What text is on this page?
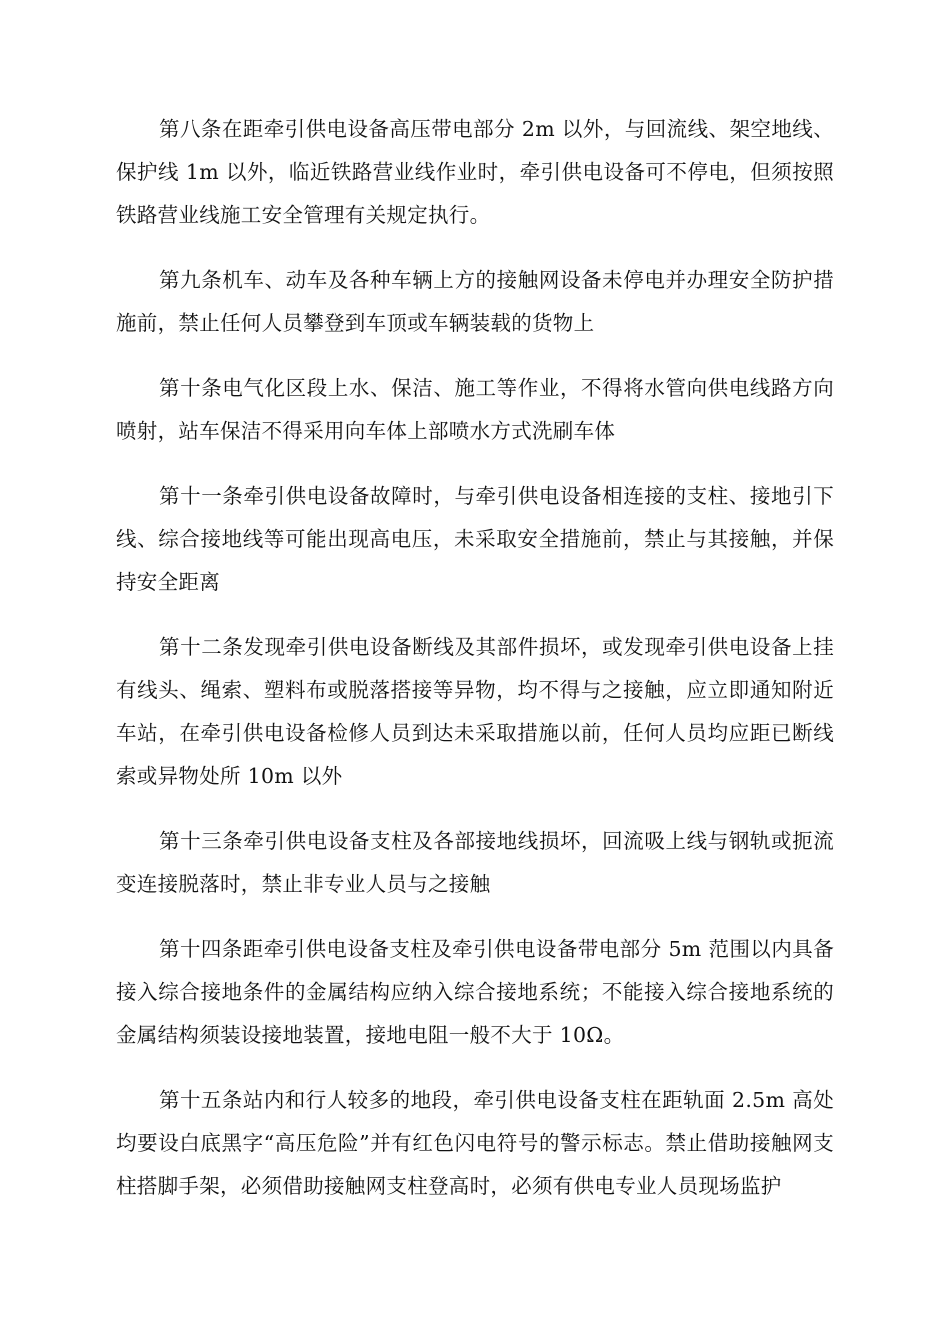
第八条在距牵引供电设备高压带电部分 2m 以外，与回流线、架空地线、保护线 1m 以外，临近铁路营业线作业时，牵引供电设备可不停电，但须按照铁路营业线施工安全管理有关规定执行。

第九条机车、动车及各种车辆上方的接触网设备未停电并办理安全防护措施前，禁止任何人员攀登到车顶或车辆装载的货物上

第十条电气化区段上水、保洁、施工等作业，不得将水管向供电线路方向喷射，站车保洁不得采用向车体上部喷水方式洗刷车体

第十一条牵引供电设备故障时，与牵引供电设备相连接的支柱、接地引下线、综合接地线等可能出现高电压，未采取安全措施前，禁止与其接触，并保持安全距离

第十二条发现牵引供电设备断线及其部件损坏，或发现牵引供电设备上挂有线头、绳索、塑料布或脱落搭接等异物，均不得与之接触，应立即通知附近车站，在牵引供电设备检修人员到达未采取措施以前，任何人员均应距已断线索或异物处所 10m 以外

第十三条牵引供电设备支柱及各部接地线损坏，回流吸上线与钢轨或扼流变连接脱落时，禁止非专业人员与之接触

第十四条距牵引供电设备支柱及牵引供电设备带电部分 5m 范围以内具备接入综合接地条件的金属结构应纳入综合接地系统；不能接入综合接地系统的金属结构须装设接地装置，接地电阻一般不大于 10Ω。

第十五条站内和行人较多的地段，牵引供电设备支柱在距轨面 2.5m 高处均要设白底黑字“高压危险”并有红色闪电符号的警示标志。禁止借助接触网支柱搭脚手架，必须借助接触网支柱登高时，必须有供电专业人员现场监护
